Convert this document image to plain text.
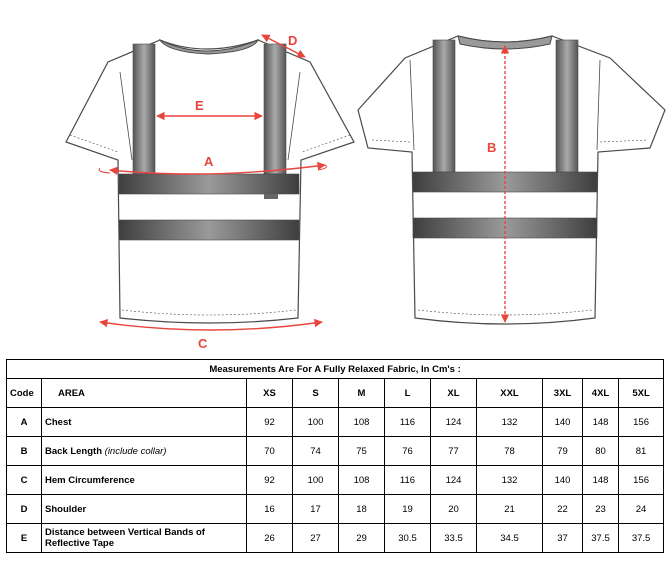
D
E
A
C
B
Measurements Are For A Fully Relaxed Fabric, In Cm's :										
Code	AREA	XS	S	M	L	XL	XXL	3XL	4XL	5XL
A	Chest	92	100	108	116	124	132	140	148	156
B	Back Length (include collar)	70	74	75	76	77	78	79	80	81
C	Hem Circumference	92	100	108	116	124	132	140	148	156
D	Shoulder	16	17	18	19	20	21	22	23	24
E	Distance between Vertical Bands of Reflective Tape	26	27	29	30.5	33.5	34.5	37	37.5	37.5
